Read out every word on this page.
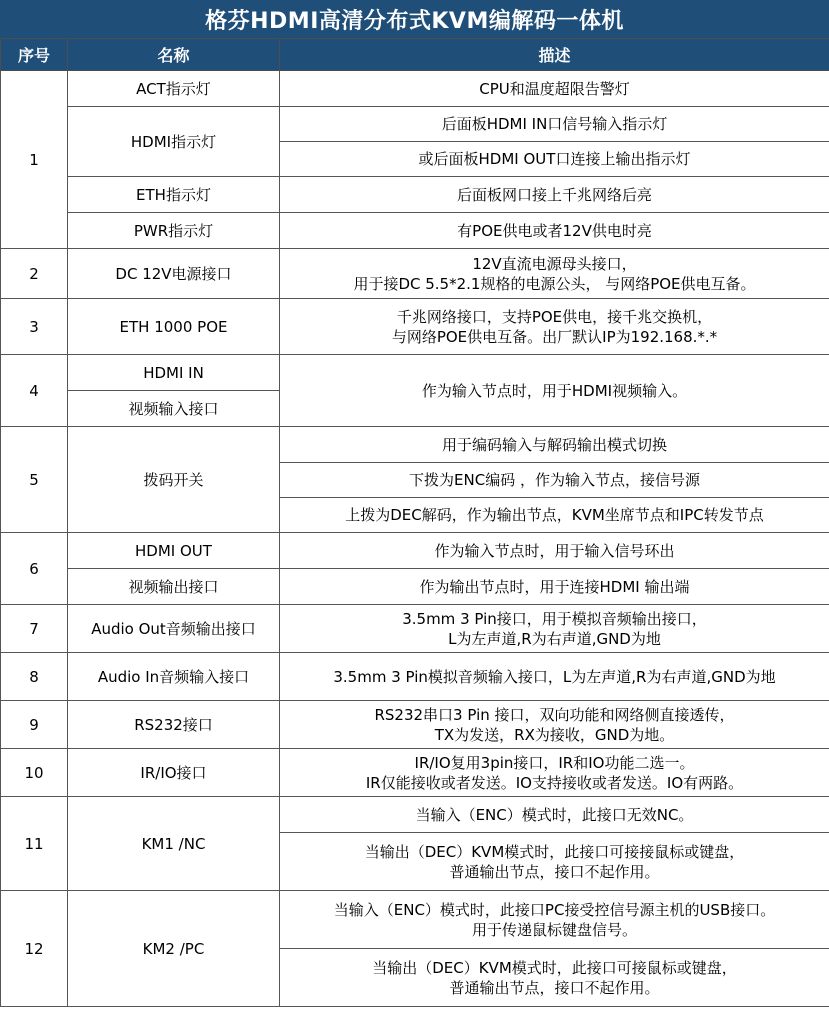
格芬HDMI高清分布式KVM编解码一体机
序号	名称	描述
1	ACT指示灯	CPU和温度超限告警灯

	HDMI指示灯	后面板HDMI IN口信号输入指示灯

		或后面板HDMI OUT口连接上输出指示灯

	ETH指示灯	后面板网口接上千兆网络后亮

	PWR指示灯	有POE供电或者12V供电时亮

2	DC 12V电源接口	12V直流电源母头接口，
用于接DC 5.5*2.1规格的电源公头， 与网络POE供电互备。

3	ETH 1000 POE	千兆网络接口，支持POE供电，接千兆交换机，
与网络POE供电互备。出厂默认IP为192.168.*.*

4	HDMI IN	作为输入节点时，用于HDMI视频输入。

	视频输入接口	
5	拨码开关	用于编码输入与解码输出模式切换

		下拨为ENC编码 ，作为输入节点，接信号源

		上拨为DEC解码，作为输出节点，KVM坐席节点和IPC转发节点

6	HDMI OUT	作为输入节点时，用于输入信号环出

	视频输出接口	作为输出节点时，用于连接HDMI 输出端

7	Audio Out音频输出接口	3.5mm 3 Pin接口，用于模拟音频输出接口，
L为左声道,R为右声道,GND为地

8	Audio In音频输入接口	3.5mm 3 Pin模拟音频输入接口，L为左声道,R为右声道,GND为地

9	RS232接口	RS232串口3 Pin 接口，双向功能和网络侧直接透传，
TX为发送，RX为接收，GND为地。

10	IR/IO接口	IR/IO复用3pin接口，IR和IO功能二选一。
IR仅能接收或者发送。IO支持接收或者发送。IO有两路。

11	KM1 /NC	当输入（ENC）模式时，此接口无效NC。

		当输出（DEC）KVM模式时，此接口可接接鼠标或键盘，
普通输出节点，接口不起作用。

12	KM2 /PC	当输入（ENC）模式时，此接口PC接受控信号源主机的USB接口。
用于传递鼠标键盘信号。

		当输出（DEC）KVM模式时，此接口可接鼠标或键盘，
普通输出节点，接口不起作用。
